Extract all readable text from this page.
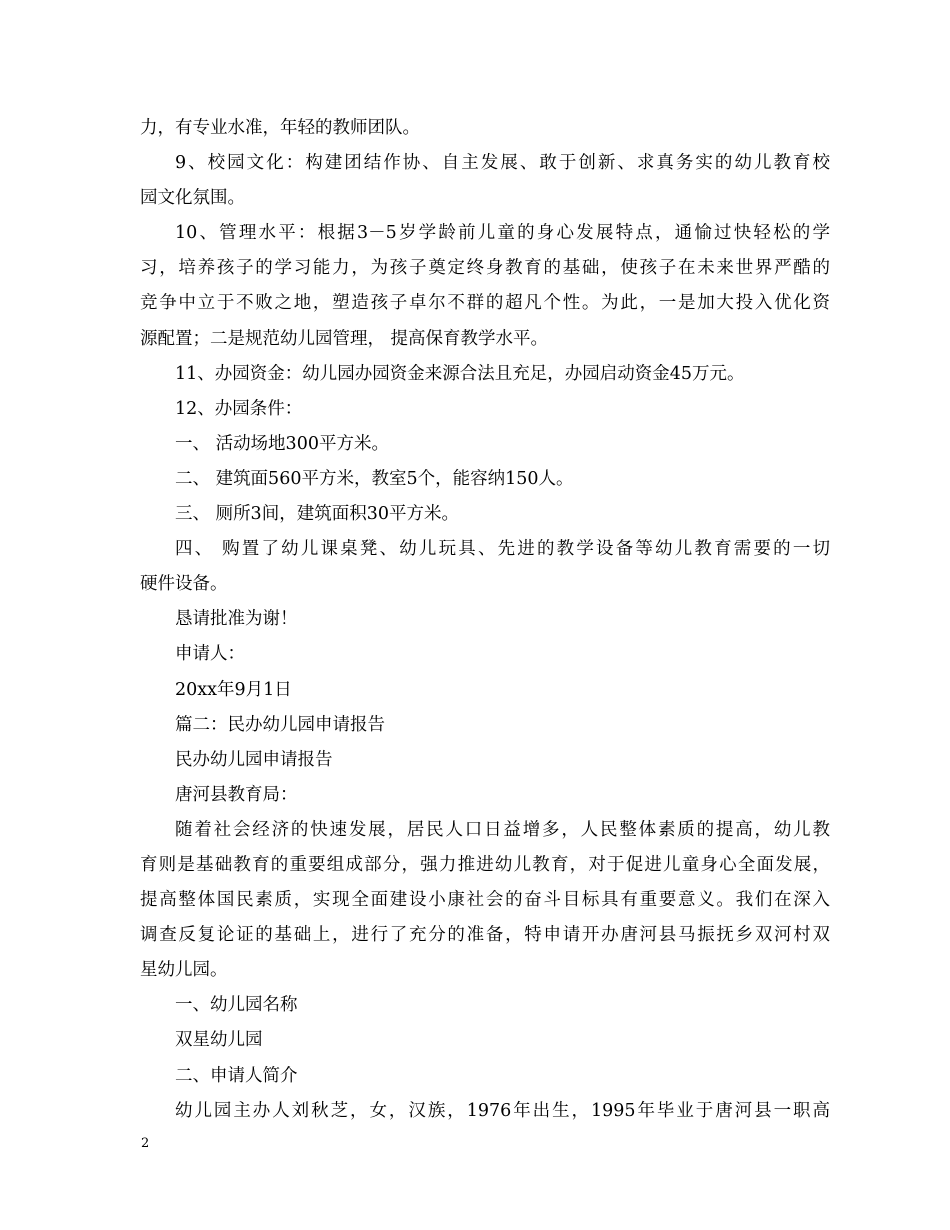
力，有专业水准，年轻的教师团队。
9、校园文化：构建团结作协、自主发展、敢于创新、求真务实的幼儿教育校
园文化氛围。
10、管理水平：根据3－5岁学龄前儿童的身心发展特点，通愉过快轻松的学
习，培养孩子的学习能力，为孩子奠定终身教育的基础，使孩子在未来世界严酷的
竞争中立于不败之地，塑造孩子卓尔不群的超凡个性。为此，一是加大投入优化资
源配置；二是规范幼儿园管理， 提高保育教学水平。
11、办园资金：幼儿园办园资金来源合法且充足，办园启动资金45万元。
12、办园条件：
一、 活动场地300平方米。
二、 建筑面560平方米，教室5个，能容纳150人。
三、 厕所3间，建筑面积30平方米。
四、 购置了幼儿课桌凳、幼儿玩具、先进的教学设备等幼儿教育需要的一切
硬件设备。
恳请批准为谢！
申请人：
20xx年9月1日
篇二：民办幼儿园申请报告
民办幼儿园申请报告
唐河县教育局：
随着社会经济的快速发展，居民人口日益增多，人民整体素质的提高，幼儿教
育则是基础教育的重要组成部分，强力推进幼儿教育，对于促进儿童身心全面发展，
提高整体国民素质，实现全面建设小康社会的奋斗目标具有重要意义。我们在深入
调查反复论证的基础上，进行了充分的准备，特申请开办唐河县马振抚乡双河村双
星幼儿园。
一、幼儿园名称
双星幼儿园
二、申请人简介
幼儿园主办人刘秋芝，女，汉族，1976年出生，1995年毕业于唐河县一职高
2
